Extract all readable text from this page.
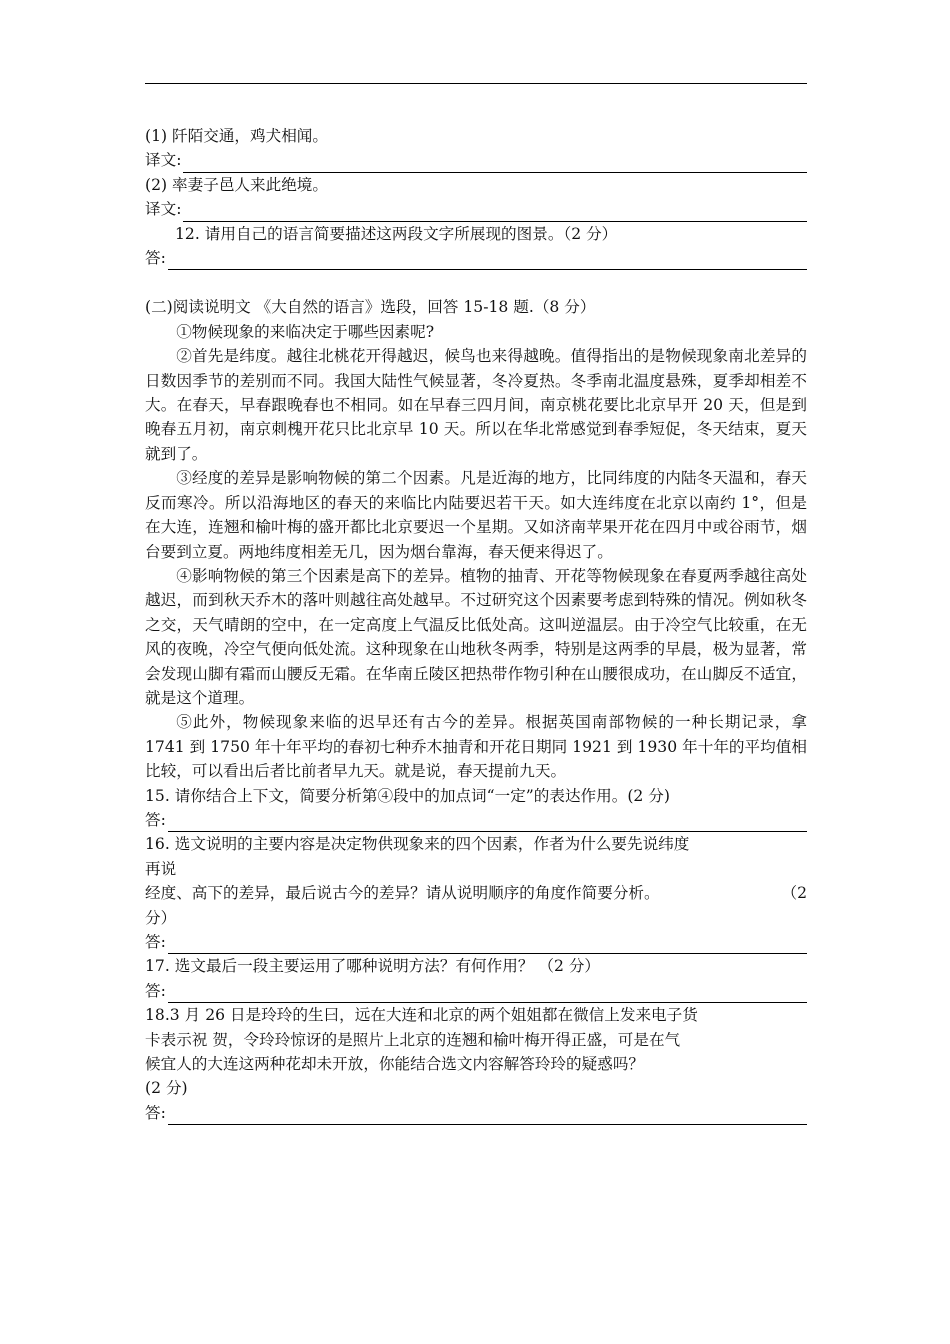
(1) 阡陌交通，鸡犬相闻。
译文:
(2) 率妻子邑人来此绝境。
译文:
12. 请用自己的语言简要描述这两段文字所展现的图景。（2 分）
答:
(二)阅读说明文 《大自然的语言》选段，回答 15-18 题.（8 分）

①物候现象的来临决定于哪些因素呢?

②首先是纬度。越往北桃花开得越迟，候鸟也来得越晚。值得指出的是物候现象南北差异的日数因季节的差别而不同。我国大陆性气候显著，冬冷夏热。冬季南北温度悬殊，夏季却相差不大。在春天，早春跟晚春也不相同。如在早春三四月间，南京桃花要比北京早开 20 天，但是到晚春五月初，南京刺槐开花只比北京早 10 天。所以在华北常感觉到春季短促，冬天结束，夏天就到了。

③经度的差异是影响物候的第二个因素。凡是近海的地方，比同纬度的内陆冬天温和，春天反而寒冷。所以沿海地区的春天的来临比内陆要迟若干天。如大连纬度在北京以南约 1°，但是在大连，连翘和榆叶梅的盛开都比北京要迟一个星期。又如济南苹果开花在四月中或谷雨节，烟台要到立夏。两地纬度相差无几，因为烟台靠海，春天便来得迟了。

④影响物候的第三个因素是高下的差异。植物的抽青、开花等物候现象在春夏两季越往高处越迟，而到秋天乔木的落叶则越往高处越早。不过研究这个因素要考虑到特殊的情况。例如秋冬之交，天气晴朗的空中，在一定高度上气温反比低处高。这叫逆温层。由于冷空气比较重，在无风的夜晚，冷空气便向低处流。这种现象在山地秋冬两季，特别是这两季的早晨，极为显著，常会发现山脚有霜而山腰反无霜。在华南丘陵区把热带作物引种在山腰很成功，在山脚反不适宜，就是这个道理。

⑤此外，物候现象来临的迟早还有古今的差异。根据英国南部物候的一种长期记录，拿 1741 到 1750 年十年平均的春初七种乔木抽青和开花日期同 1921 到 1930 年十年的平均值相比较，可以看出后者比前者早九天。就是说，春天提前九天。

15. 请你结合上下文，简要分析第④段中的加点词“一定”的表达作用。(2 分)
答:
16. 选文说明的主要内容是决定物供现象来的四个因素，作者为什么要先说纬度
再说
经度、高下的差异，最后说古今的差异？请从说明顺序的角度作简要分析。	（2
分）
答:
17. 选文最后一段主要运用了哪种说明方法？有何作用？ （2 分）
答:
18.3 月 26 日是玲玲的生曰，远在大连和北京的两个姐姐都在微信上发来电子货
卡表示祝 贺，令玲玲惊讶的是照片上北京的连翘和榆叶梅开得正盛，可是在气
候宜人的大连这两种花却未开放，你能结合选文内容解答玲玲的疑惑吗？
(2 分)
答:
